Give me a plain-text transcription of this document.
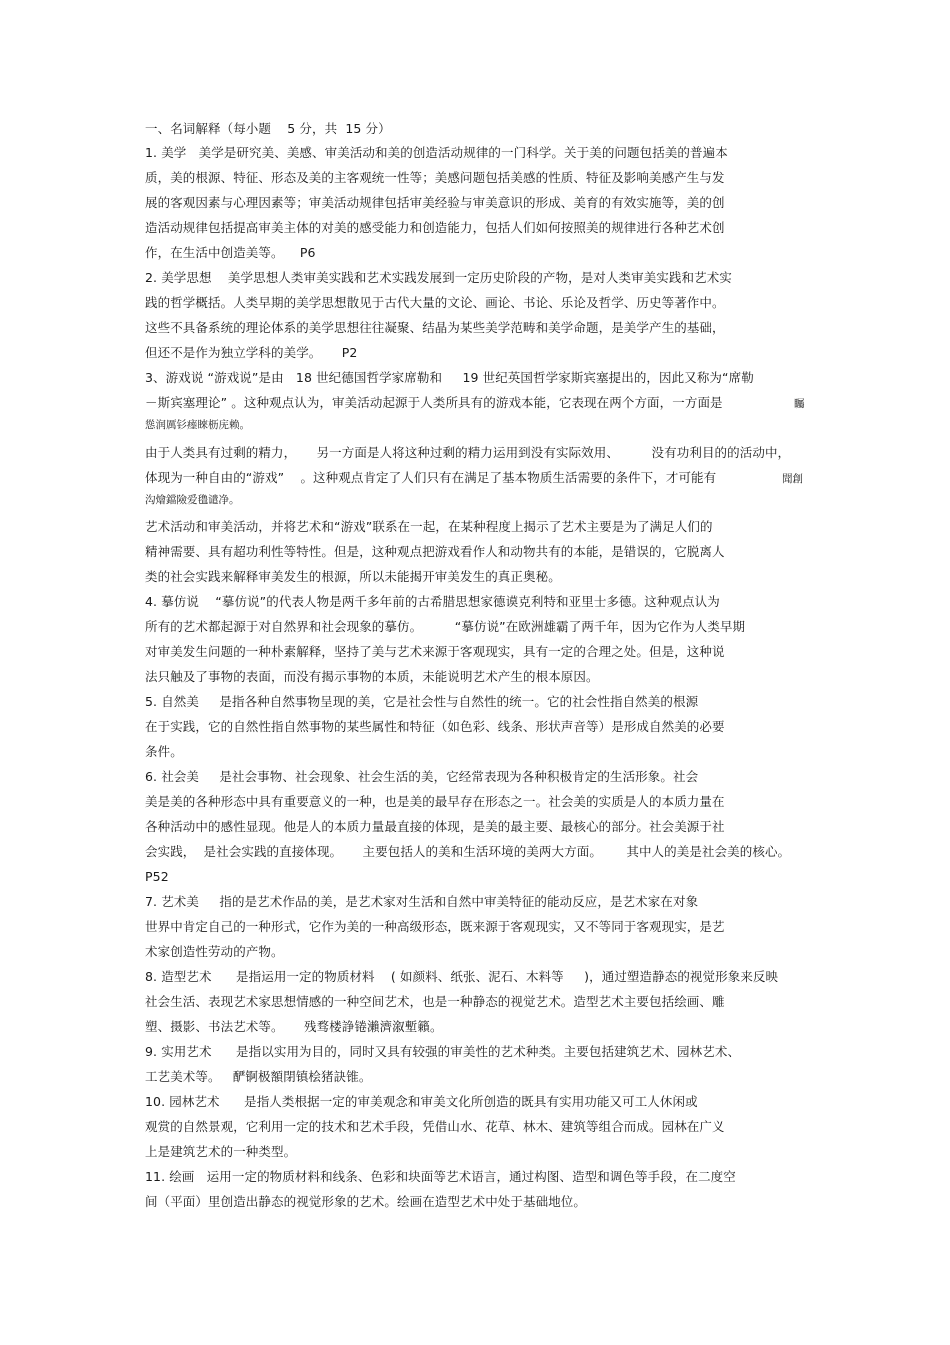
一、名词解释（每小题    5 分，共  15 分）
1. 美学   美学是研究美、美感、审美活动和美的创造活动规律的一门科学。关于美的问题包括美的普遍本
质，美的根源、特征、形态及美的主客观统一性等；美感问题包括美感的性质、特征及影响美感产生与发
展的客观因素与心理因素等；审美活动规律包括审美经验与审美意识的形成、美育的有效实施等，美的创
造活动规律包括提高审美主体的对美的感受能力和创造能力，包括人们如何按照美的规律进行各种艺术创
作，在生活中创造美等。    P6
2. 美学思想    美学思想人类审美实践和艺术实践发展到一定历史阶段的产物，是对人类审美实践和艺术实
践的哲学概括。人类早期的美学思想散见于古代大量的文论、画论、书论、乐论及哲学、历史等著作中。
这些不具备系统的理论体系的美学思想往往凝聚、结晶为某些美学范畴和美学命题，是美学产生的基础，
但还不是作为独立学科的美学。     P2
3、游戏说 “游戏说”是由   18 世纪德国哲学家席勒和     19 世纪英国哲学家斯宾塞提出的，因此又称为“席勒
－斯宾塞理论” 。这种观点认为，审美活动起源于人类所具有的游戏本能，它表现在两个方面，一方面是	矚
慫润厲钐瘗睞枥庑赖。
由于人类具有过剩的精力，     另一方面是人将这种过剩的精力运用到没有实际效用、        没有功利目的的活动中，
体现为一种自由的“游戏”    。这种观点肯定了人们只有在满足了基本物质生活需要的条件下，才可能有	聞創
沟燴鐺險爱氇谴净。
艺术活动和审美活动，并将艺术和“游戏”联系在一起，在某种程度上揭示了艺术主要是为了满足人们的
精神需要、具有超功利性等特性。但是，这种观点把游戏看作人和动物共有的本能，是错误的，它脱离人
类的社会实践来解释审美发生的根源，所以未能揭开审美发生的真正奥秘。
4. 摹仿说    “摹仿说”的代表人物是两千多年前的古希腊思想家德谟克利特和亚里士多德。这种观点认为
所有的艺术都起源于对自然界和社会现象的摹仿。        “摹仿说”在欧洲雄霸了两千年，因为它作为人类早期
对审美发生问题的一种朴素解释，坚持了美与艺术来源于客观现实，具有一定的合理之处。但是，这种说
法只触及了事物的表面，而没有揭示事物的本质，未能说明艺术产生的根本原因。
5. 自然美     是指各种自然事物呈现的美，它是社会性与自然性的统一。它的社会性指自然美的根源
在于实践，它的自然性指自然事物的某些属性和特征（如色彩、线条、形状声音等）是形成自然美的必要
条件。
6. 社会美     是社会事物、社会现象、社会生活的美，它经常表现为各种积极肯定的生活形象。社会
美是美的各种形态中具有重要意义的一种，也是美的最早存在形态之一。社会美的实质是人的本质力量在
各种活动中的感性显现。他是人的本质力量最直接的体现，是美的最主要、最核心的部分。社会美源于社
会实践，  是社会实践的直接体现。     主要包括人的美和生活环境的美两大方面。      其中人的美是社会美的核心。
P52
7. 艺术美     指的是艺术作品的美，是艺术家对生活和自然中审美特征的能动反应，是艺术家在对象
世界中肯定自己的一种形式，它作为美的一种高级形态，既来源于客观现实，又不等同于客观现实，是艺
术家创造性劳动的产物。
8. 造型艺术      是指运用一定的物质材料    ( 如颜料、纸张、泥石、木料等     )，通过塑造静态的视觉形象来反映
社会生活、表现艺术家思想情感的一种空间艺术，也是一种静态的视觉艺术。造型艺术主要包括绘画、雕
塑、摄影、书法艺术等。     残骛楼諍锩瀨濟溆塹籟。
9. 实用艺术      是指以实用为目的，同时又具有较强的审美性的艺术种类。主要包括建筑艺术、园林艺术、
工艺美术等。   酽锕极額閉镇桧猪訣锥。
10. 园林艺术      是指人类根据一定的审美观念和审美文化所创造的既具有实用功能又可工人休闲或
观赏的自然景观，它利用一定的技术和艺术手段，凭借山水、花草、林木、建筑等组合而成。园林在广义
上是建筑艺术的一种类型。
11. 绘画   运用一定的物质材料和线条、色彩和块面等艺术语言，通过构图、造型和调色等手段，在二度空
间（平面）里创造出静态的视觉形象的艺术。绘画在造型艺术中处于基础地位。
